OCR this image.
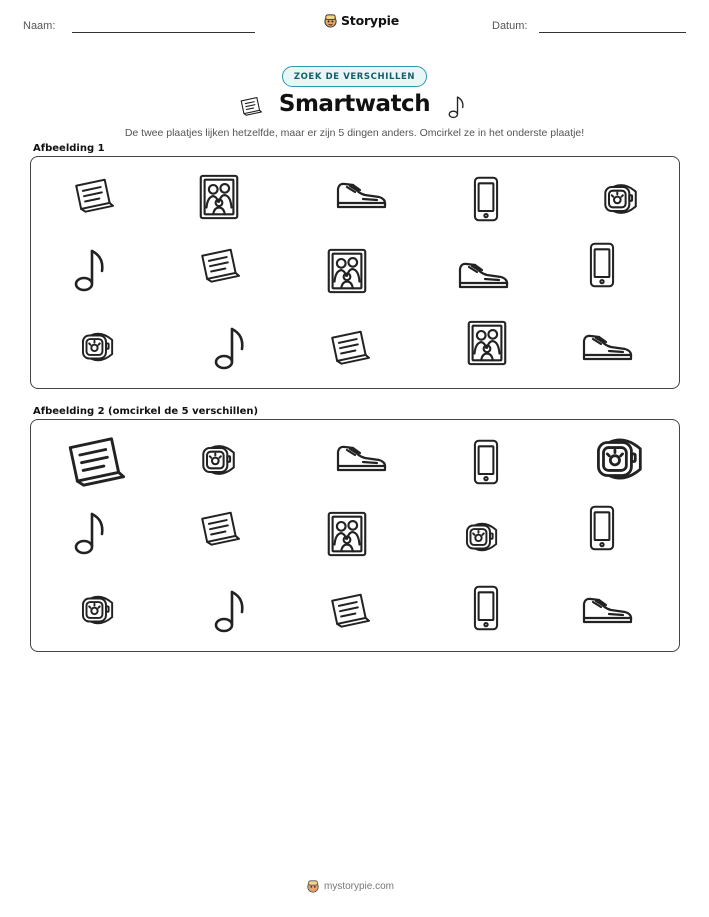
Naam:	Storypie	Datum:
ZOEK DE VERSCHILLEN
Smartwatch
De twee plaatjes lijken hetzelfde, maar er zijn 5 dingen anders. Omcirkel ze in het onderste plaatje!
Afbeelding 1
Afbeelding 2 (omcirkel de 5 verschillen)
mystorypie.com
